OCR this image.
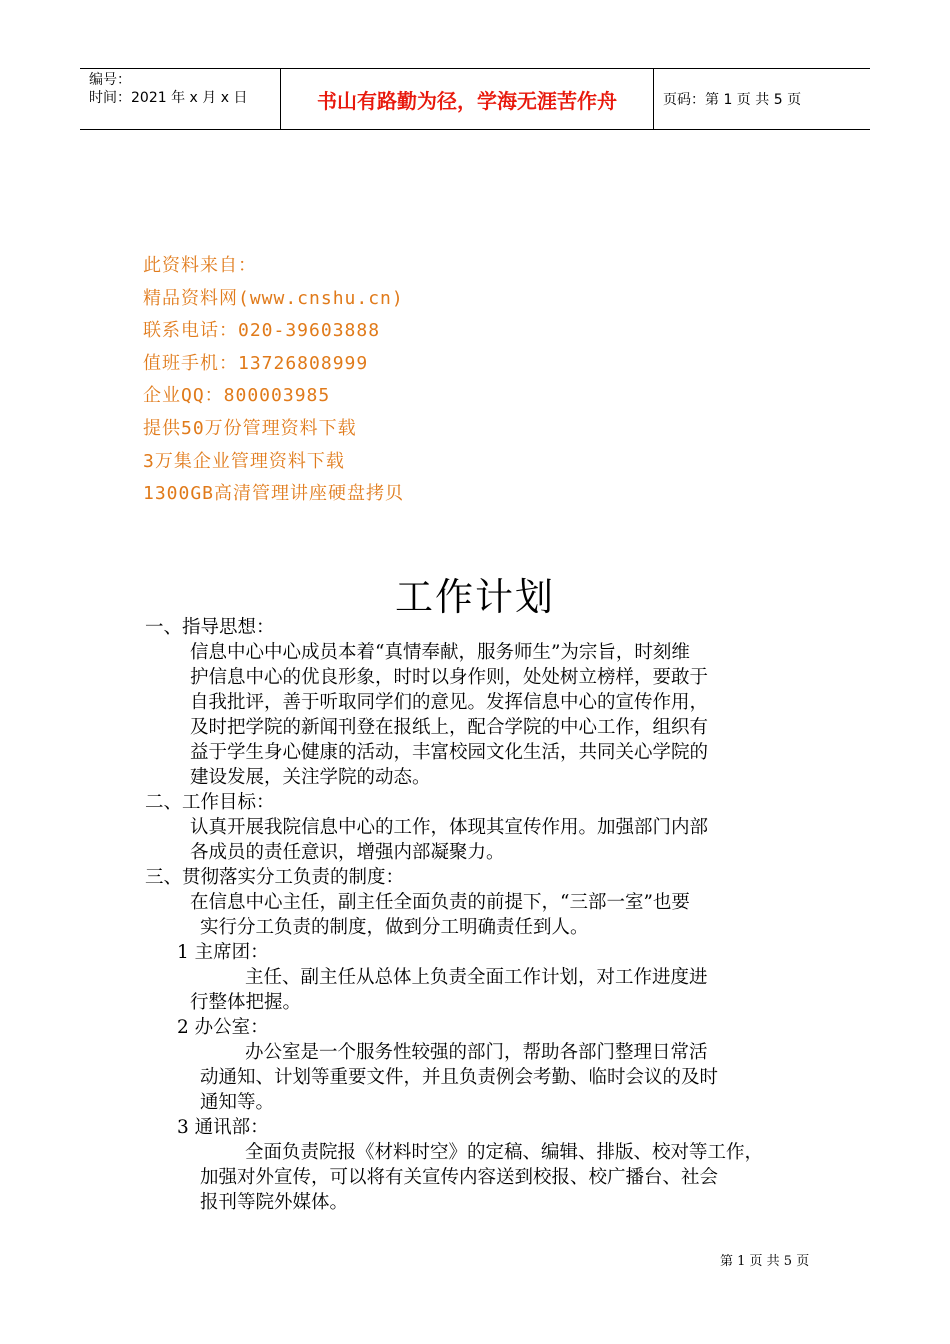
编号：
时间：2021 年 x 月 x 日	书山有路勤为径，学海无涯苦作舟	页码：第 1 页 共 5 页
此资料来自：
精品资料网(www.cnshu.cn)
联系电话：020-39603888
值班手机：13726808999
企业QQ：800003985
提供50万份管理资料下载
3万集企业管理资料下载
1300GB高清管理讲座硬盘拷贝
工作计划
一、指导思想：
信息中心中心成员本着“真情奉献，服务师生”为宗旨，时刻维
护信息中心的优良形象，时时以身作则，处处树立榜样，要敢于
自我批评，善于听取同学们的意见。发挥信息中心的宣传作用，
及时把学院的新闻刊登在报纸上，配合学院的中心工作，组织有
益于学生身心健康的活动，丰富校园文化生活，共同关心学院的
建设发展，关注学院的动态。
二、工作目标：
认真开展我院信息中心的工作，体现其宣传作用。加强部门内部
各成员的责任意识，增强内部凝聚力。
三、贯彻落实分工负责的制度：
在信息中心主任，副主任全面负责的前提下，“三部一室”也要
实行分工负责的制度，做到分工明确责任到人。
1 主席团：
主任、副主任从总体上负责全面工作计划，对工作进度进
行整体把握。
2 办公室：
办公室是一个服务性较强的部门，帮助各部门整理日常活
动通知、计划等重要文件，并且负责例会考勤、临时会议的及时
通知等。
3 通讯部：
全面负责院报《材料时空》的定稿、编辑、排版、校对等工作，
加强对外宣传，可以将有关宣传内容送到校报、校广播台、社会
报刊等院外媒体。
第 1 页 共 5 页
